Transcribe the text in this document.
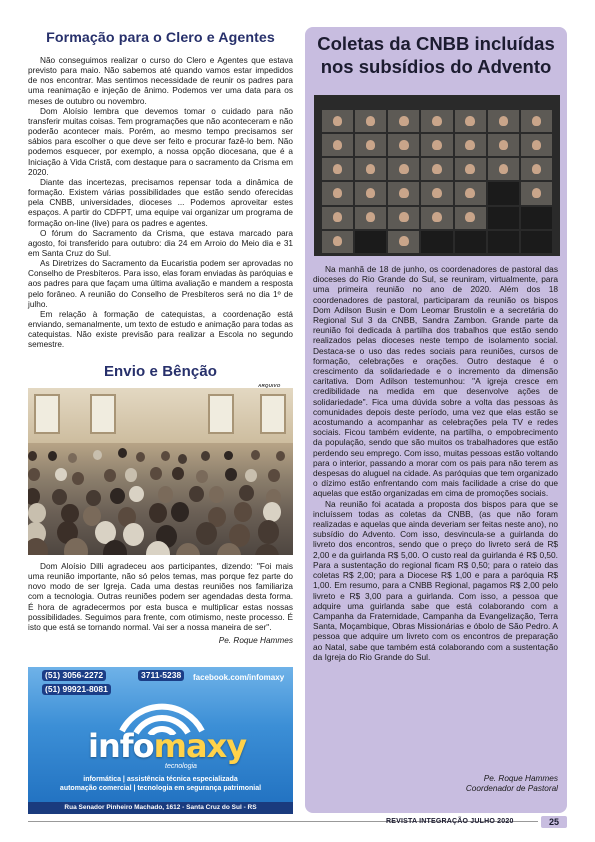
Formação para o Clero e Agentes

Não conseguimos realizar o curso do Clero e Agentes que estava previsto para maio. Não sabemos até quando vamos estar impedidos de nos encontrar. Mas sentimos necessidade de reunir os padres para uma reanimação e injeção de ânimo. Podemos ver uma data para os meses de outubro ou novembro.

Dom Aloísio lembra que devemos tomar o cuidado para não transferir muitas coisas. Tem programações que não aconteceram e não poderão acontecer mais. Porém, ao mesmo tempo precisamos ser sábios para escolher o que deve ser feito e procurar fazê-lo bem. Não podemos esquecer, por exemplo, a nossa opção diocesana, que é a Iniciação à Vida Cristã, com destaque para o sacramento da Crisma em 2020.

Diante das incertezas, precisamos repensar toda a dinâmica de formação. Existem várias possibilidades que estão sendo oferecidas pela CNBB, universidades, dioceses ... Podemos aproveitar estes espaços. A partir do CDFPT, uma equipe vai organizar um programa de formação on-line (live) para os padres e agentes.

O fórum do Sacramento da Crisma, que estava marcado para agosto, foi transferido para outubro: dia 24 em Arroio do Meio dia e 31 em Santa Cruz do Sul.

As Diretrizes do Sacramento da Eucaristia podem ser aprovadas no Conselho de Presbíteros. Para isso, elas foram enviadas às paróquias e aos padres para que façam uma última avaliação e mandem a resposta pelo forâneo. A reunião do Conselho de Presbíteros será no dia 1º de julho.

Em relação à formação de catequistas, a coordenação está enviando, semanalmente, um texto de estudo e animação para todas as catequistas. Não existe previsão para realizar a Escola no segundo semestre.

Envio e Bênção
ARQUIVO

Dom Aloísio Dilli agradeceu aos participantes, dizendo: "Foi mais uma reunião importante, não só pelos temas, mas porque fez parte do novo modo de ser Igreja. Cada uma destas reuniões nos familiariza com a tecnologia. Outras reuniões podem ser agendadas desta forma. É hora de agradecermos por esta busca e multiplicar estas nossas possibilidades. Seguimos para frente, com otimismo, neste processo. É isto que está se tornando normal. Vai ser a nossa maneira de ser".

Pe. Roque Hammes
(51) 3056-2272	3711-5238
(51) 99921-8081
facebook.com/infomaxy
infomaxy
tecnologia
informática | assistência técnica especializada
automação comercial | tecnologia em segurança patrimonial
Rua Senador Pinheiro Machado, 1612 - Santa Cruz do Sul - RS
Coletas da CNBB incluídas nos subsídios do Advento

Na manhã de 18 de junho, os coordenadores de pastoral das dioceses do Rio Grande do Sul, se reuniram, virtualmente, para uma primeira reunião no ano de 2020. Além dos 18 coordenadores de pastoral, participaram da reunião os bispos Dom Adilson Busin e Dom Leomar Brustolin e a secretária do Regional Sul 3 da CNBB, Sandra Zambon. Grande parte da reunião foi dedicada à partilha dos trabalhos que estão sendo realizados pelas dioceses neste tempo de isolamento social. Destaca-se o uso das redes sociais para reuniões, cursos de formação, celebrações e orações. Outro destaque é o crescimento da solidariedade e o incremento da dimensão caritativa. Dom Adilson testemunhou: "A igreja cresce em credibilidade na medida em que desenvolve ações de solidariedade". Fica uma dúvida sobre a volta das pessoas às comunidades depois deste período, uma vez que elas estão se acostumando a acompanhar as celebrações pela TV e redes sociais. Ficou também evidente, na partilha, o empobrecimento da população, sendo que são muitos os trabalhadores que estão perdendo seu emprego. Com isso, muitas pessoas estão voltando para o interior, passando a morar com os pais para não terem as despesas do aluguel na cidade. As paróquias que tem organizado o dízimo estão enfrentando com mais facilidade a crise do que aquelas que estão organizadas em cima de promoções sociais.

Na reunião foi acatada a proposta dos bispos para que se incluíssem todas as coletas da CNBB, (as que não foram realizadas e aquelas que ainda deveriam ser feitas neste ano), no subsídio do Advento. Com isso, desvincula-se a guirlanda do livreto dos encontros, sendo que o preço do livreto será de R$ 2,00 e da guirlanda R$ 5,00. O custo real da guirlanda é R$ 0,50. Para a sustentação do regional ficam R$ 0,50; para o rateio das coletas R$ 2,00; para a Diocese R$ 1,00 e para a paróquia R$ 1,00. Em resumo, para a CNBB Regional, pagamos R$ 2,00 pelo livreto e R$ 3,00 para a guirlanda. Com isso, a pessoa que adquire uma guirlanda sabe que está colaborando com a Campanha da Fraternidade, Campanha da Evangelização, Terra Santa, Moçambique, Obras Missionárias e óbolo de São Pedro. A pessoa que adquire um livreto com os encontros de preparação ao Natal, sabe que também está colaborando com a sustentação da Igreja do Rio Grande do Sul.

Pe. Roque Hammes
Coordenador de Pastoral
REVISTA INTEGRAÇÃO JULHO 2020	25
